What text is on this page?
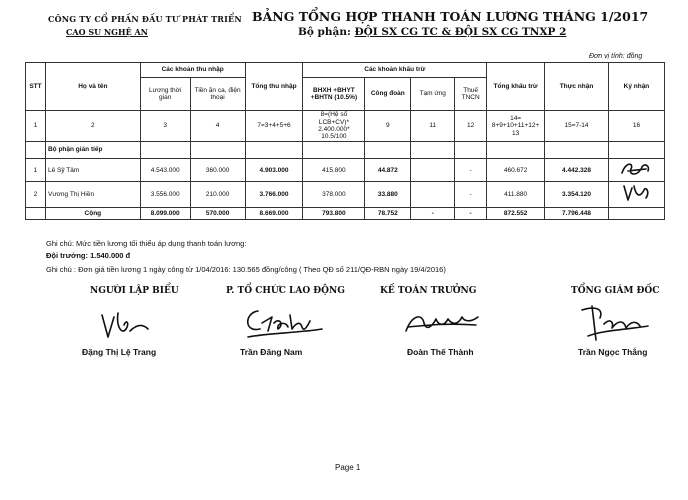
CÔNG TY CỔ PHẦN ĐẦU TƯ PHÁT TRIỂN
CAO SU NGHỆ AN
BẢNG TỔNG HỢP THANH TOÁN LƯƠNG THÁNG 1/2017
Bộ phận: ĐỘI SX CG TC & ĐỘI SX CG TNXP 2
Đơn vị tính: đồng
STT	Họ và tên	Các khoản thu nhập		Tổng thu nhập	Các khoản khấu trừ				Tổng khấu trừ	Thực nhận	Ký nhận
		Lương thời gian	Tiền ăn ca, điện thoại		BHXH +BHYT +BHTN (10.5%)	Công đoàn	Tạm ứng	Thuế TNCN			
1	2	3	4	7=3+4+5+6	8=(Hệ số LCB+CV)* 2.400.000* 10.5/100	9	11	12	14= 8+9+10+11+12+ 13	15=7-14	16
	Bộ phận gián tiếp										
1	Lê Sỹ Tâm	4.543.000	360.000	4.903.000	415.800	44.872		-	460.672	4.442.328	
2	Vương Thị Hiền	3.556.000	210.000	3.766.000	378.000	33.880		-	411.880	3.354.120	
	Cộng	8.099.000	570.000	8.669.000	793.800	78.752	-	-	872.552	7.796.448	
Ghi chú: Mức tiền lương tối thiểu áp dụng thanh toán lương:
Đội trưởng: 1.540.000 đ
Ghi chú : Đơn giá tiền lương 1 ngày công từ 1/04/2016: 130.565 đồng/công ( Theo QĐ số 211/QĐ-RBN ngày 19/4/2016)
NGƯỜI LẬP BIỂU	P. TỔ CHỨC LAO ĐỘNG	KẾ TOÁN TRƯỞNG	TỔNG GIÁM ĐỐC
Đặng Thị Lệ Trang	Trần Đăng Nam	Đoàn Thế Thành	Trần Ngọc Thắng
Page 1
